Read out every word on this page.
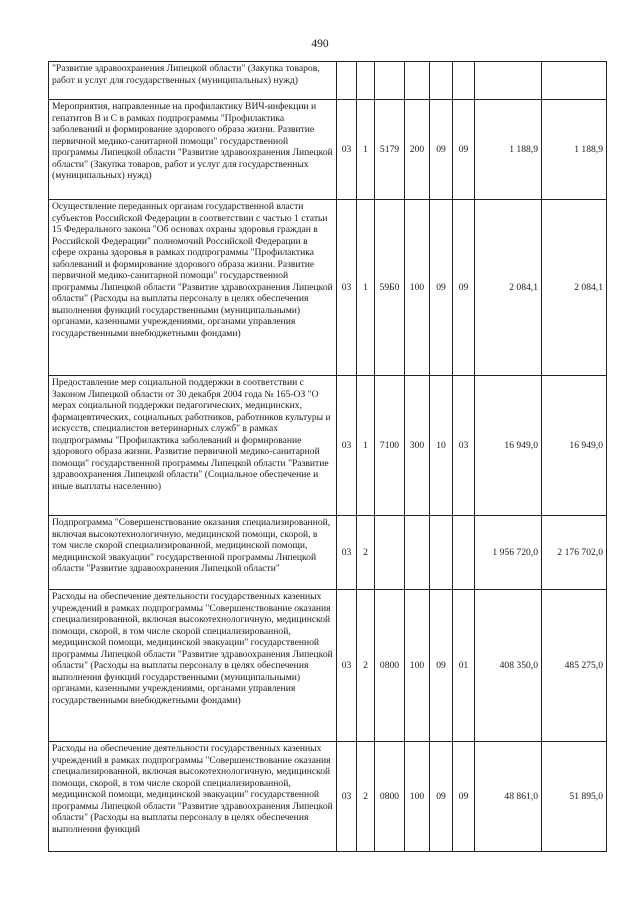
490
"Развитие здравоохранения Липецкой области" (Закупка товаров, работ и услуг для государственных (муниципальных) нужд)								
Мероприятия, направленные на профилактику ВИЧ-инфекции и гепатитов В и С в рамках подпрограммы "Профилактика заболеваний и формирование здорового образа жизни. Развитие первичной медико-санитарной помощи" государственной программы Липецкой области "Развитие здравоохранения Липецкой области" (Закупка товаров, работ и услуг для государственных (муниципальных) нужд)	03	1	5179	200	09	09	1 188,9	1 188,9
Осуществление переданных органам государственной власти субъектов Российской Федерации в соответствии с частью 1 статьи 15 Федерального закона "Об основах охраны здоровья граждан в Российской Федерации" полномочий Российской Федерации в сфере охраны здоровья в рамках подпрограммы "Профилактика заболеваний и формирование здорового образа жизни. Развитие первичной медико-санитарной помощи" государственной программы Липецкой области "Развитие здравоохранения Липецкой области" (Расходы на выплаты персоналу в целях обеспечения выполнения функций государственными (муниципальными) органами, казенными учреждениями, органами управления государственными внебюджетными фондами)	03	1	59Б0	100	09	09	2 084,1	2 084,1
Предоставление мер социальной поддержки в соответствии с Законом Липецкой области от 30 декабря 2004 года № 165-ОЗ "О мерах социальной поддержки педагогических, медицинских, фармацевтических, социальных работников, работников культуры и искусств, специалистов ветеринарных служб" в рамках подпрограммы "Профилактика заболеваний и формирование здорового образа жизни. Развитие первичной медико-санитарной помощи" государственной программы Липецкой области "Развитие здравоохранения Липецкой области" (Социальное обеспечение и иные выплаты населению)	03	1	7100	300	10	03	16 949,0	16 949,0
Подпрограмма "Совершенствование оказания специализированной, включая высокотехнологичную, медицинской помощи, скорой, в том числе скорой специализированной, медицинской помощи, медицинской эвакуации" государственной программы Липецкой области "Развитие здравоохранения Липецкой области"	03	2					1 956 720,0	2 176 702,0
Расходы на обеспечение деятельности государственных казенных учреждений в рамках подпрограммы "Совершенствование оказания специализированной, включая высокотехнологичную, медицинской помощи, скорой, в том числе скорой специализированной, медицинской помощи, медицинской эвакуации" государственной программы Липецкой области "Развитие здравоохранения Липецкой области" (Расходы на выплаты персоналу в целях обеспечения выполнения функций государственными (муниципальными) органами, казенными учреждениями, органами управления государственными внебюджетными фондами)	03	2	0800	100	09	01	408 350,0	485 275,0
Расходы на обеспечение деятельности государственных казенных учреждений в рамках подпрограммы "Совершенствование оказания специализированной, включая высокотехнологичную, медицинской помощи, скорой, в том числе скорой специализированной, медицинской помощи, медицинской эвакуации" государственной программы Липецкой области "Развитие здравоохранения Липецкой области" (Расходы на выплаты персоналу в целях обеспечения выполнения функций	03	2	0800	100	09	09	48 861,0	51 895,0
